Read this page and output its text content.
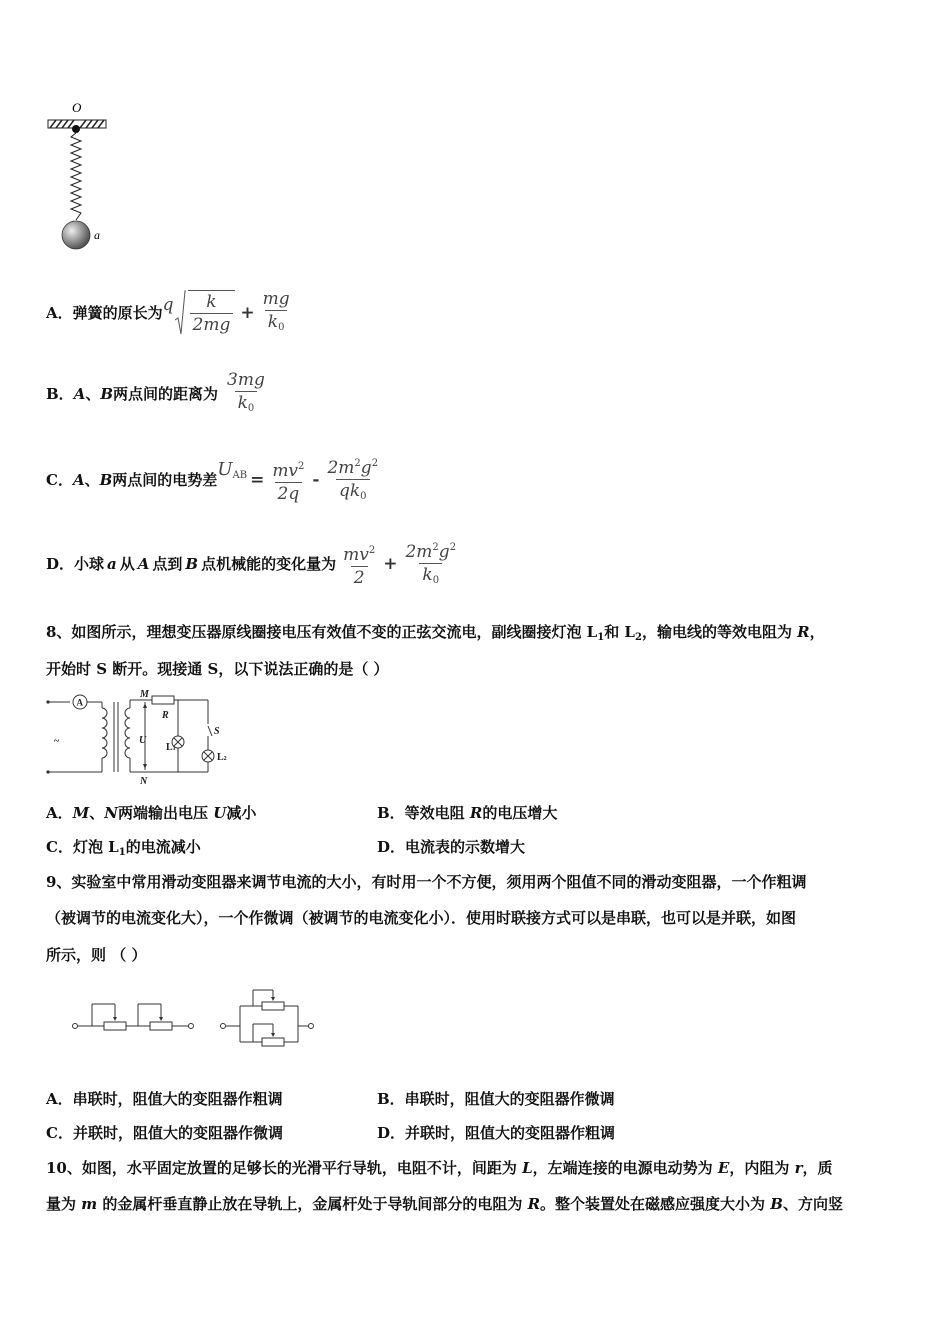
O
a
A．弹簧的原长为 q $\frac{k}{2mg} + \frac{mg}{k_0}$
B． A 、 B 两点间的距离为 $\frac{3mg}{k_0}$
C． A 、 B 两点间的电势差 $U_{AB} = \frac{mv^2}{2q} - \frac{2m^2g^2}{qk_0}$
D．小球 a 从 A 点到 B 点机械能的变化量为 $\frac{mv^2}{2} + \frac{2m^2g^2}{k_0}$
8、如图所示，理想变压器原线圈接电压有效值不变的正弦交流电，副线圈接灯泡 $L_1$和 $L_2$，输电线的等效电阻为 R，
开始时 S 断开。现接通 S，以下说法正确的是（ ）
A
M
N
R
U
S
L1
L2
~
A．M、N两端输出电压 U减小	B．等效电阻 R的电压增大
C．灯泡 $L_1$的电流减小	D．电流表的示数增大
9、实验室中常用滑动变阻器来调节电流的大小，有时用一个不方便，须用两个阻值不同的滑动变阻器，一个作粗调
（被调节的电流变化大），一个作微调（被调节的电流变化小）．使用时联接方式可以是串联，也可以是并联，如图
所示，则 （ ）
A．串联时，阻值大的变阻器作粗调	B．串联时，阻值大的变阻器作微调
C．并联时，阻值大的变阻器作微调	D．并联时，阻值大的变阻器作粗调
10、如图，水平固定放置的足够长的光滑平行导轨，电阻不计，间距为 L，左端连接的电源电动势为 E，内阻为 r，质
量为 m 的金属杆垂直静止放在导轨上，金属杆处于导轨间部分的电阻为 R。整个装置处在磁感应强度大小为 B、方向竖
